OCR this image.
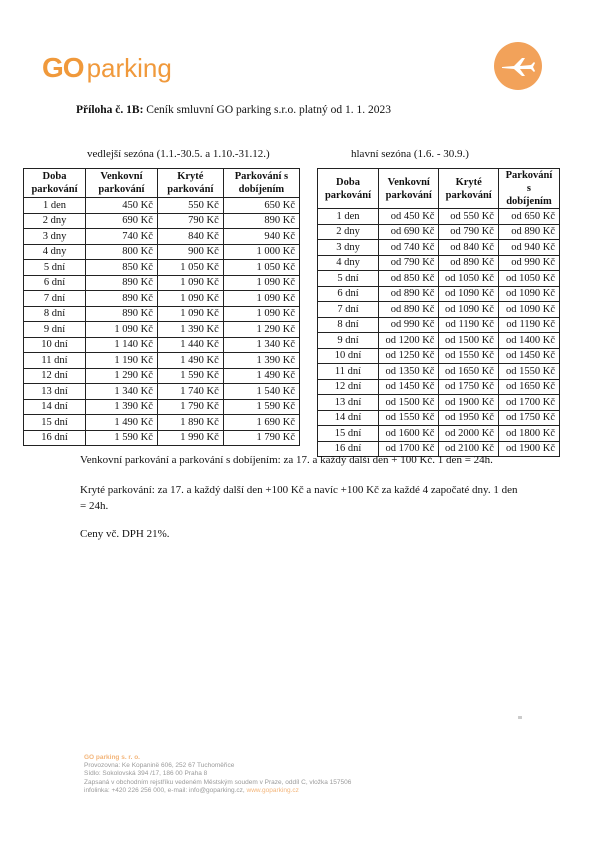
GO parking
Příloha č. 1B: Ceník smluvní GO parking s.r.o. platný od 1. 1. 2023
vedlejší sezóna (1.1.-30.5. a 1.10.-31.12.)	hlavní sezóna (1.6. - 30.9.)
Doba parkování	Venkovní parkování	Kryté parkování	Parkování s dobíjením
1 den	450 Kč	550 Kč	650 Kč
2 dny	690 Kč	790 Kč	890 Kč
3 dny	740 Kč	840 Kč	940 Kč
4 dny	800 Kč	900 Kč	1 000 Kč
5 dní	850 Kč	1 050 Kč	1 050 Kč
6 dní	890 Kč	1 090 Kč	1 090 Kč
7 dní	890 Kč	1 090 Kč	1 090 Kč
8 dní	890 Kč	1 090 Kč	1 090 Kč
9 dní	1 090 Kč	1 390 Kč	1 290 Kč
10 dní	1 140 Kč	1 440 Kč	1 340 Kč
11 dní	1 190 Kč	1 490 Kč	1 390 Kč
12 dní	1 290 Kč	1 590 Kč	1 490 Kč
13 dní	1 340 Kč	1 740 Kč	1 540 Kč
14 dní	1 390 Kč	1 790 Kč	1 590 Kč
15 dní	1 490 Kč	1 890 Kč	1 690 Kč
16 dní	1 590 Kč	1 990 Kč	1 790 Kč
Doba parkování	Venkovní parkování	Kryté parkování	Parkování s dobíjením
1 den	od 450 Kč	od 550 Kč	od 650 Kč
2 dny	od 690 Kč	od 790 Kč	od 890 Kč
3 dny	od 740 Kč	od 840 Kč	od 940 Kč
4 dny	od 790 Kč	od 890 Kč	od 990 Kč
5 dní	od 850 Kč	od 1050 Kč	od 1050 Kč
6 dní	od 890 Kč	od 1090 Kč	od 1090 Kč
7 dní	od 890 Kč	od 1090 Kč	od 1090 Kč
8 dní	od 990 Kč	od 1190 Kč	od 1190 Kč
9 dní	od 1200 Kč	od 1500 Kč	od 1400 Kč
10 dní	od 1250 Kč	od 1550 Kč	od 1450 Kč
11 dní	od 1350 Kč	od 1650 Kč	od 1550 Kč
12 dní	od 1450 Kč	od 1750 Kč	od 1650 Kč
13 dní	od 1500 Kč	od 1900 Kč	od 1700 Kč
14 dní	od 1550 Kč	od 1950 Kč	od 1750 Kč
15 dní	od 1600 Kč	od 2000 Kč	od 1800 Kč
16 dní	od 1700 Kč	od 2100 Kč	od 1900 Kč
Venkovní parkování a parkování s dobíjením: za 17. a každý další den + 100 Kč. 1 den = 24h.
Kryté parkování: za 17. a každý další den +100 Kč a navíc +100 Kč za každé 4 započaté dny. 1 den = 24h.
Ceny vč. DPH 21%.
GO parking s. r. o.
Provozovna: Ke Kopaninë 606, 252 67 Tuchoměřice
Sídlo: Sokolovská 394 /17, 186 00 Praha 8
Zapsaná v obchodním rejstříku vedeném Městským soudem v Praze, oddíl C, vložka 157506
infolinka: +420 226 256 000, e-mail: info@goparking.cz, www.goparking.cz
